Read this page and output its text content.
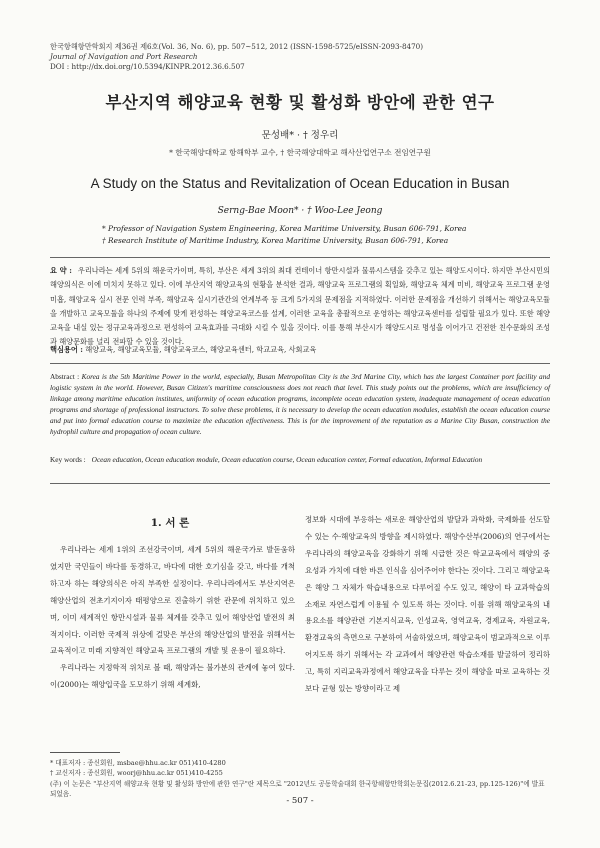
한국항해항만학회지 제36권 제6호(Vol. 36, No. 6), pp. 507~512, 2012 (ISSN-1598-5725/eISSN-2093-8470)
Journal of Navigation and Port Research
DOI : http://dx.doi.org/10.5394/KINPR.2012.36.6.507
부산지역 해양교육 현황 및 활성화 방안에 관한 연구
문성배* · † 정우리
* 한국해양대학교 항해학부 교수, † 한국해양대학교 해사산업연구소 전임연구원
A Study on the Status and Revitalization of Ocean Education in Busan
Serng-Bae Moon* · † Woo-Lee Jeong
* Professor of Navigation System Engineering, Korea Maritime University, Busan 606-791, Korea
† Research Institute of Maritime Industry, Korea Maritime University, Busan 606-791, Korea
요 약 : 우리나라는 세계 5위의 해운국가이며, 특히, 부산은 세계 3위의 최대 컨테이너 항만시설과 물류시스템을 갖추고 있는 해양도시이다. 하지만 부산시민의 해양의식은 이에 미치지 못하고 있다. 이에 부산지역 해양교육의 현황을 분석한 결과, 해양교육 프로그램의 획일화, 해양교육 체계 미비, 해양교육 프로그램 운영미흡, 해양교육 실시 전문 인력 부족, 해양교육 실시기관간의 연계부족 등 크게 5가지의 문제점을 지적하였다. 이러한 문제점을 개선하기 위해서는 해양교육모듈을 개발하고 교육모듈을 하나의 주제에 맞게 편성하는 해양교육코스를 설계, 이러한 교육을 총괄적으로 운영하는 해양교육센터를 설립할 필요가 있다. 또한 해양교육을 내실 있는 정규교육과정으로 편성하여 교육효과를 극대화 시킬 수 있을 것이다. 이를 통해 부산시가 해양도시로 명성을 이어가고 건전한 친수문화의 조성과 해양문화를 널리 전파할 수 있을 것이다.
핵심용어 : 해양교육, 해양교육모듈, 해양교육코스, 해양교육센터, 학교교육, 사회교육
Abstract : Korea is the 5th Maritime Power in the world, especially, Busan Metropolitan City is the 3rd Marine City, which has the largest Container port facility and logistic system in the world. However, Busan Citizen's maritime consciousness does not reach that level. This study points out the problems, which are insufficiency of linkage among maritime education institutes, uniformity of ocean education programs, incomplete ocean education system, inadequate management of ocean education programs and shortage of professional instructors. To solve these problems, it is necessary to develop the ocean education modules, establish the ocean education course and put into formal education course to maximize the education effectiveness. This is for the improvement of the reputation as a Marine City Busan, construction the hydrophil culture and propagation of ocean culture.
Key words : Ocean education, Ocean education module, Ocean education course, Ocean education center, Formal education, Informal Education
1. 서 론

우리나라는 세계 1위의 조선강국이며, 세계 5위의 해운국가로 발돋움하였지만 국민들이 바다를 동경하고, 바다에 대한 호기심을 갖고, 바다를 개척하고자 하는 해양의식은 아직 부족한 실정이다. 우리나라에서도 부산지역은 해양산업의 전초기지이자 태평양으로 진출하기 위한 관문에 위치하고 있으며, 이미 세계적인 항만시설과 물류 체계를 갖추고 있어 해양산업 발전의 최적지이다. 이러한 국제적 위상에 걸맞은 부산의 해양산업의 발전을 위해서는 교육적이고 미래 지향적인 해양교육 프로그램의 개발 및 운용이 필요하다.

우리나라는 지정학적 위치로 볼 때, 해양과는 불가분의 관계에 놓여 있다. 이(2000)는 해양입국을 도모하기 위해 세계화,

정보화 시대에 부응하는 새로운 해양산업의 발달과 과학화, 국제화를 선도할 수 있는 수·해양교육의 방향을 제시하였다. 해양수산부(2006)의 연구에서는 우리나라의 해양교육을 강화하기 위해 시급한 것은 학교교육에서 해양의 중요성과 가치에 대한 바른 인식을 심어주어야 한다는 것이다. 그리고 해양교육은 해양 그 자체가 학습내용으로 다루어질 수도 있고, 해양이 타 교과학습의 소재로 자연스럽게 이용될 수 있도록 하는 것이다. 이를 위해 해양교육의 내용요소를 해양관련 기본지식교육, 인성교육, 영역교육, 경제교육, 자원교육, 환경교육의 측면으로 구분하여 서술하였으며, 해양교육이 범교과적으로 이루어지도록 하기 위해서는 각 교과에서 해양관련 학습소재를 발굴하여 정리하고, 특히 지리교육과정에서 해양교육을 다루는 것이 해양을 따로 교육하는 것보다 균형 있는 방향이라고 제

* 대표저자 : 종신회원, msbae@hhu.ac.kr 051)410-4280
† 교신저자 : 종신회원, woorj@hhu.ac.kr 051)410-4255
(주) 이 논문은 "부산지역 해양교육 현황 및 활성화 방안에 관한 연구"란 제목으로 "2012년도 공동학술대회 한국항해항만학회논문집(2012.6.21-23, pp.125-126)"에 발표되었음.
- 507 -
